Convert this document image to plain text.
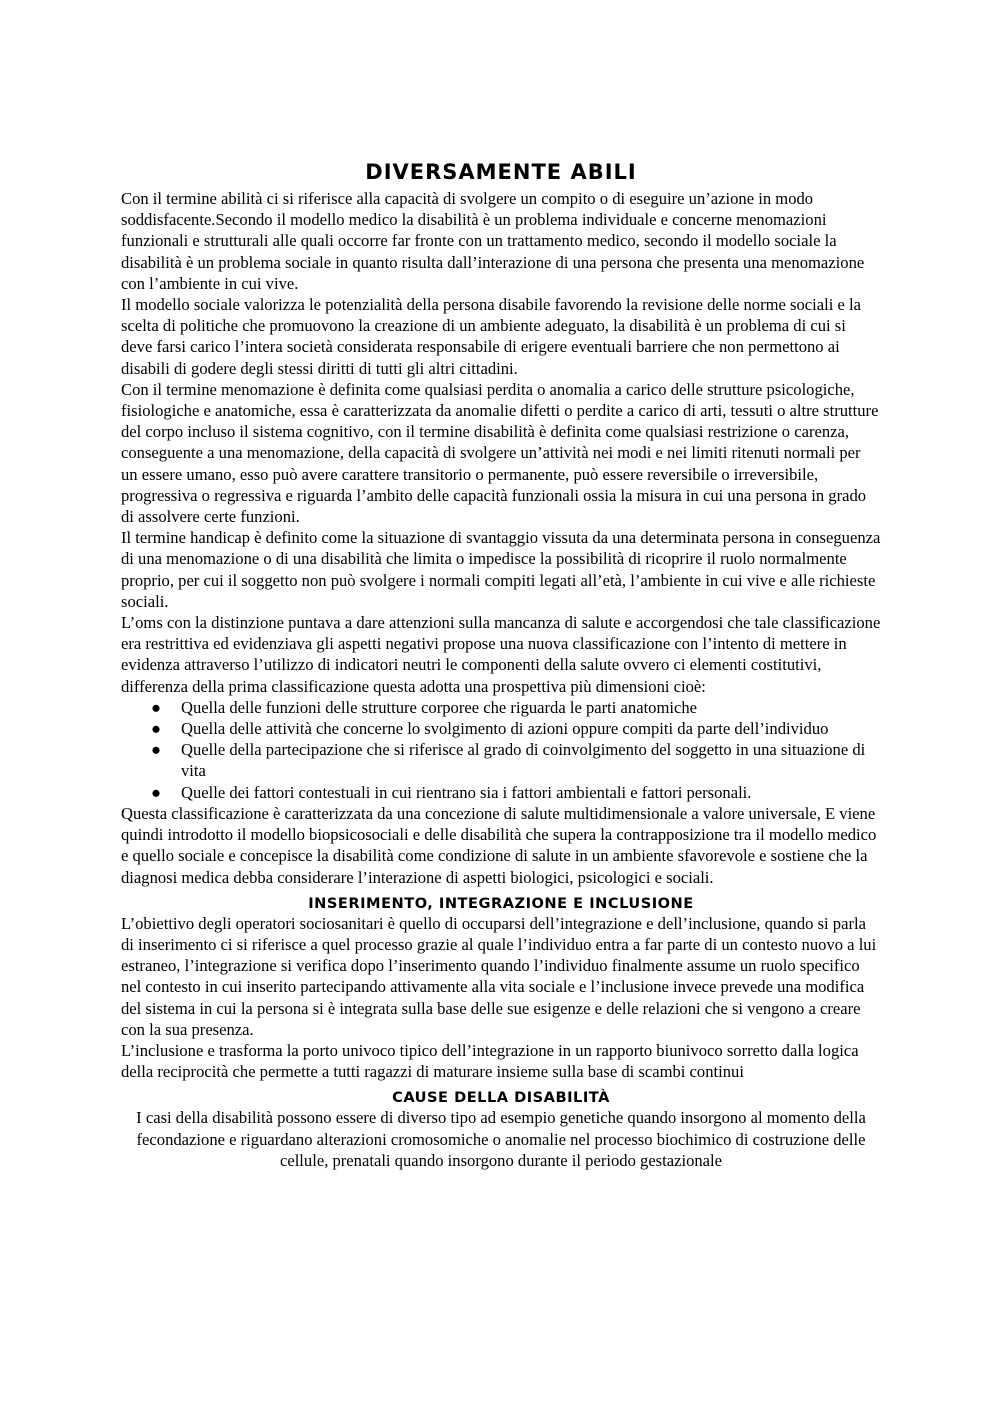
DIVERSAMENTE ABILI

Con il termine abilità ci si riferisce alla capacità di svolgere un compito o di eseguire un’azione in modo soddisfacente.Secondo il modello medico la disabilità è un problema individuale e concerne menomazioni funzionali e strutturali alle quali occorre far fronte con un trattamento medico, secondo il modello sociale la disabilità è un problema sociale in quanto risulta dall’interazione di una persona che presenta una menomazione con l’ambiente in cui vive.

Il modello sociale valorizza le potenzialità della persona disabile favorendo la revisione delle norme sociali e la scelta di politiche che promuovono la creazione di un ambiente adeguato, la disabilità è un problema di cui si deve farsi carico l’intera società considerata responsabile di erigere eventuali barriere che non permettono ai disabili di godere degli stessi diritti di tutti gli altri cittadini.

Con il termine menomazione è definita come qualsiasi perdita o anomalia a carico delle strutture psicologiche, fisiologiche e anatomiche, essa è caratterizzata da anomalie difetti o perdite a carico di arti, tessuti o altre strutture del corpo incluso il sistema cognitivo, con il termine disabilità è definita come qualsiasi restrizione o carenza, conseguente a una menomazione, della capacità di svolgere un’attività nei modi e nei limiti ritenuti normali per un essere umano, esso può avere carattere transitorio o permanente, può essere reversibile o irreversibile, progressiva o regressiva e riguarda l’ambito delle capacità funzionali ossia la misura in cui una persona in grado di assolvere certe funzioni.

Il termine handicap è definito come la situazione di svantaggio vissuta da una determinata persona in conseguenza di una menomazione o di una disabilità che limita o impedisce la possibilità di ricoprire il ruolo normalmente proprio, per cui il soggetto non può svolgere i normali compiti legati all’età, l’ambiente in cui vive e alle richieste sociali.

L’oms con la distinzione puntava a dare attenzioni sulla mancanza di salute e accorgendosi che tale classificazione era restrittiva ed evidenziava gli aspetti negativi propose una nuova classificazione con l’intento di mettere in evidenza attraverso l’utilizzo di indicatori neutri le componenti della salute ovvero ci elementi costitutivi, differenza della prima classificazione questa adotta una prospettiva più dimensioni cioè:

● Quella delle funzioni delle strutture corporee che riguarda le parti anatomiche
● Quella delle attività che concerne lo svolgimento di azioni oppure compiti da parte dell’individuo
● Quelle della partecipazione che si riferisce al grado di coinvolgimento del soggetto in una situazione di vita
● Quelle dei fattori contestuali in cui rientrano sia i fattori ambientali e fattori personali.

Questa classificazione è caratterizzata da una concezione di salute multidimensionale a valore universale, E viene quindi introdotto il modello biopsicosociali e delle disabilità che supera la contrapposizione tra il modello medico e quello sociale e concepisce la disabilità come condizione di salute in un ambiente sfavorevole e sostiene che la diagnosi medica debba considerare l’interazione di aspetti biologici, psicologici e sociali.

INSERIMENTO, INTEGRAZIONE E INCLUSIONE

L’obiettivo degli operatori sociosanitari è quello di occuparsi dell’integrazione e dell’inclusione, quando si parla di inserimento ci si riferisce a quel processo grazie al quale l’individuo entra a far parte di un contesto nuovo a lui estraneo, l’integrazione si verifica dopo l’inserimento quando l’individuo finalmente assume un ruolo specifico nel contesto in cui inserito partecipando attivamente alla vita sociale e l’inclusione invece prevede una modifica del sistema in cui la persona si è integrata sulla base delle sue esigenze e delle relazioni che si vengono a creare con la sua presenza.

L’inclusione e trasforma la porto univoco tipico dell’integrazione in un rapporto biunivoco sorretto dalla logica della reciprocità che permette a tutti ragazzi di maturare insieme sulla base di scambi continui

CAUSE DELLA DISABILITÀ

I casi della disabilità possono essere di diverso tipo ad esempio genetiche quando insorgono al momento della fecondazione e riguardano alterazioni cromosomiche o anomalie nel processo biochimico di costruzione delle cellule, prenatali quando insorgono durante il periodo gestazionale
